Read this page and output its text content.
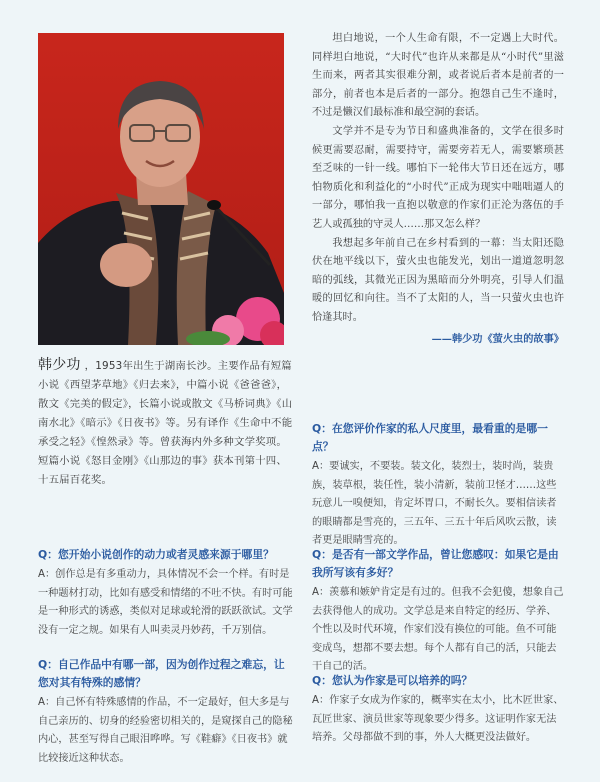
韩少功 ，1953年出生于湖南长沙。主要作品有短篇小说《西望茅草地》《归去来》，中篇小说《爸爸爸》，散文《完美的假定》，长篇小说或散文《马桥词典》《山南水北》《暗示》《日夜书》等。另有译作《生命中不能承受之轻》《惶然录》等。曾获海内外多种文学奖项。短篇小说《怒目金刚》《山那边的事》获本刊第十四、十五届百花奖。
Q：您开始小说创作的动力或者灵感来源于哪里？
A：创作总是有多重动力，具体情况不会一个样。有时是一种题材打动，比如有感受和情绪的不吐不快。有时可能是一种形式的诱惑，类似对足球或轮滑的跃跃欲试。文学没有一定之规。如果有人叫卖灵丹妙药，千万别信。
Q：自己作品中有哪一部，因为创作过程之难忘，让您对其有特殊的感情？
A：自己怀有特殊感情的作品，不一定最好，但大多是与自己亲历的、切身的经验密切相关的，是窥探自己的隐秘内心，甚至写得自己眼泪哗哗。写《鞋癖》《日夜书》就比较接近这种状态。

坦白地说，一个人生命有限，不一定遇上大时代。同样坦白地说，“大时代”也许从来都是从“小时代”里滋生而来，两者其实很难分割，或者说后者本是前者的一部分，前者也本是后者的一部分。抱怨自己生不逢时，不过是懒汉们最标准和最空洞的套话。

文学并不是专为节日和盛典准备的，文学在很多时候更需要忍耐，需要持守，需要旁若无人，需要繁琐甚至乏味的一针一线。哪怕下一轮伟大节日还在远方，哪怕物质化和利益化的“小时代”正成为现实中咄咄逼人的一部分，哪怕我一直抱以敬意的作家们正沦为落伍的手艺人或孤独的守灵人……那又怎么样？

我想起多年前自己在乡村看到的一幕：当太阳还隐伏在地平线以下，萤火虫也能发光，划出一道道忽明忽暗的弧线，其微光正因为黑暗而分外明亮，引导人们温暖的回忆和向往。当不了太阳的人，当一只萤火虫也许恰逢其时。

——韩少功《萤火虫的故事》
Q：在您评价作家的私人尺度里，最看重的是哪一点？
A：要诚实，不要装。装文化，装烈士，装时尚，装贵族，装草根，装任性，装小清新，装前卫怪才……这些玩意儿一嗅便知，肯定坏胃口，不耐长久。要相信读者的眼睛都是雪亮的，三五年、三五十年后风吹云散，读者更是眼睛雪亮的。
Q：是否有一部文学作品，曾让您感叹：如果它是由我所写该有多好？
A：羡慕和嫉妒肯定是有过的。但我不会犯傻，想象自己去获得他人的成功。文学总是来自特定的经历、学养、个性以及时代环境，作家们没有换位的可能。鱼不可能变成鸟，想都不要去想。每个人都有自己的活，只能去干自己的活。
Q：您认为作家是可以培养的吗？
A：作家子女成为作家的，概率实在太小，比木匠世家、瓦匠世家、演员世家等现象要少得多。这证明作家无法培养。父母都做不到的事，外人大概更没法做好。
